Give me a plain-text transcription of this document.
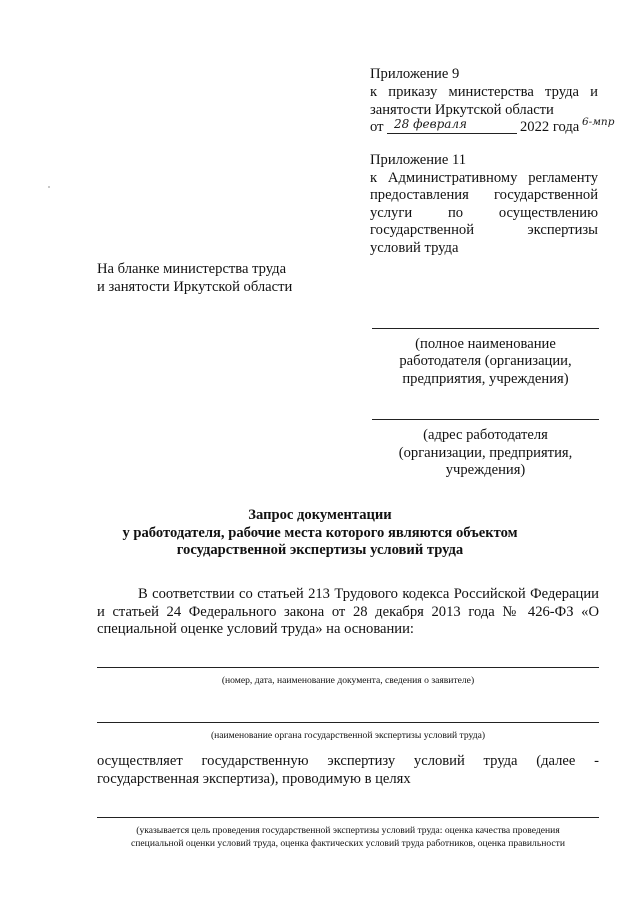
Приложение 9
к приказу министерства труда и
занятости Иркутской области
от 28 февраля	2022 года 6-мпр
Приложение 11
к Административному регламенту
предоставления государственной
услуги по осуществлению
государственной экспертизы
условий труда
На бланке министерства труда
и занятости Иркутской области
(полное наименование
работодателя (организации,
предприятия, учреждения)
(адрес работодателя
(организации, предприятия,
учреждения)
Запрос документации
у работодателя, рабочие места которого являются объектом
государственной экспертизы условий труда
В соответствии со статьей 213 Трудового кодекса Российской Федерации
и статьей 24 Федерального закона от 28 декабря 2013 года № 426-ФЗ «О
специальной оценке условий труда» на основании:
(номер, дата, наименование документа, сведения о заявителе)
(наименование органа государственной экспертизы условий труда)
осуществляет государственную экспертизу условий труда (далее -
государственная экспертиза), проводимую в целях
(указывается цель проведения государственной экспертизы условий труда: оценка качества проведения
специальной оценки условий труда, оценка фактических условий труда работников, оценка правильности
